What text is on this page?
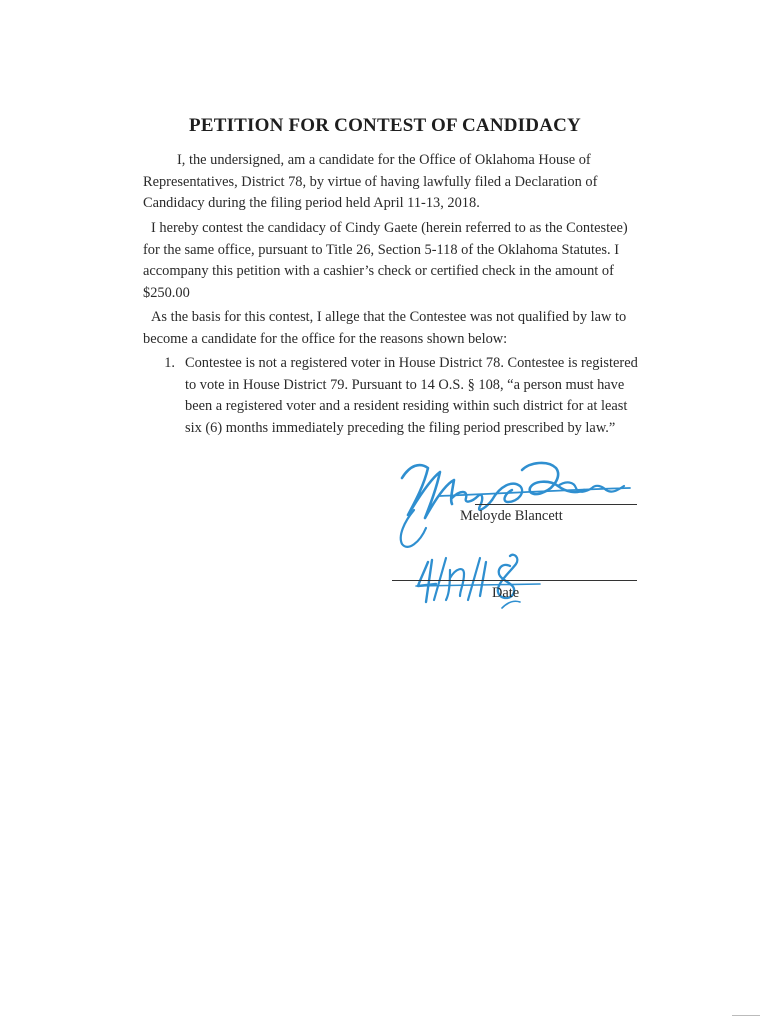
PETITION FOR CONTEST OF CANDIDACY
I, the undersigned, am a candidate for the Office of Oklahoma House of Representatives, District 78, by virtue of having lawfully filed a Declaration of Candidacy during the filing period held April 11-13, 2018.
I hereby contest the candidacy of Cindy Gaete (herein referred to as the Contestee) for the same office, pursuant to Title 26, Section 5-118 of the Oklahoma Statutes. I accompany this petition with a cashier’s check or certified check in the amount of $250.00
As the basis for this contest, I allege that the Contestee was not qualified by law to become a candidate for the office for the reasons shown below:
1. Contestee is not a registered voter in House District 78. Contestee is registered to vote in House District 79. Pursuant to 14 O.S. § 108, “a person must have been a registered voter and a resident residing within such district for at least six (6) months immediately preceding the filing period prescribed by law.”
Meloyde Blancett
Date
